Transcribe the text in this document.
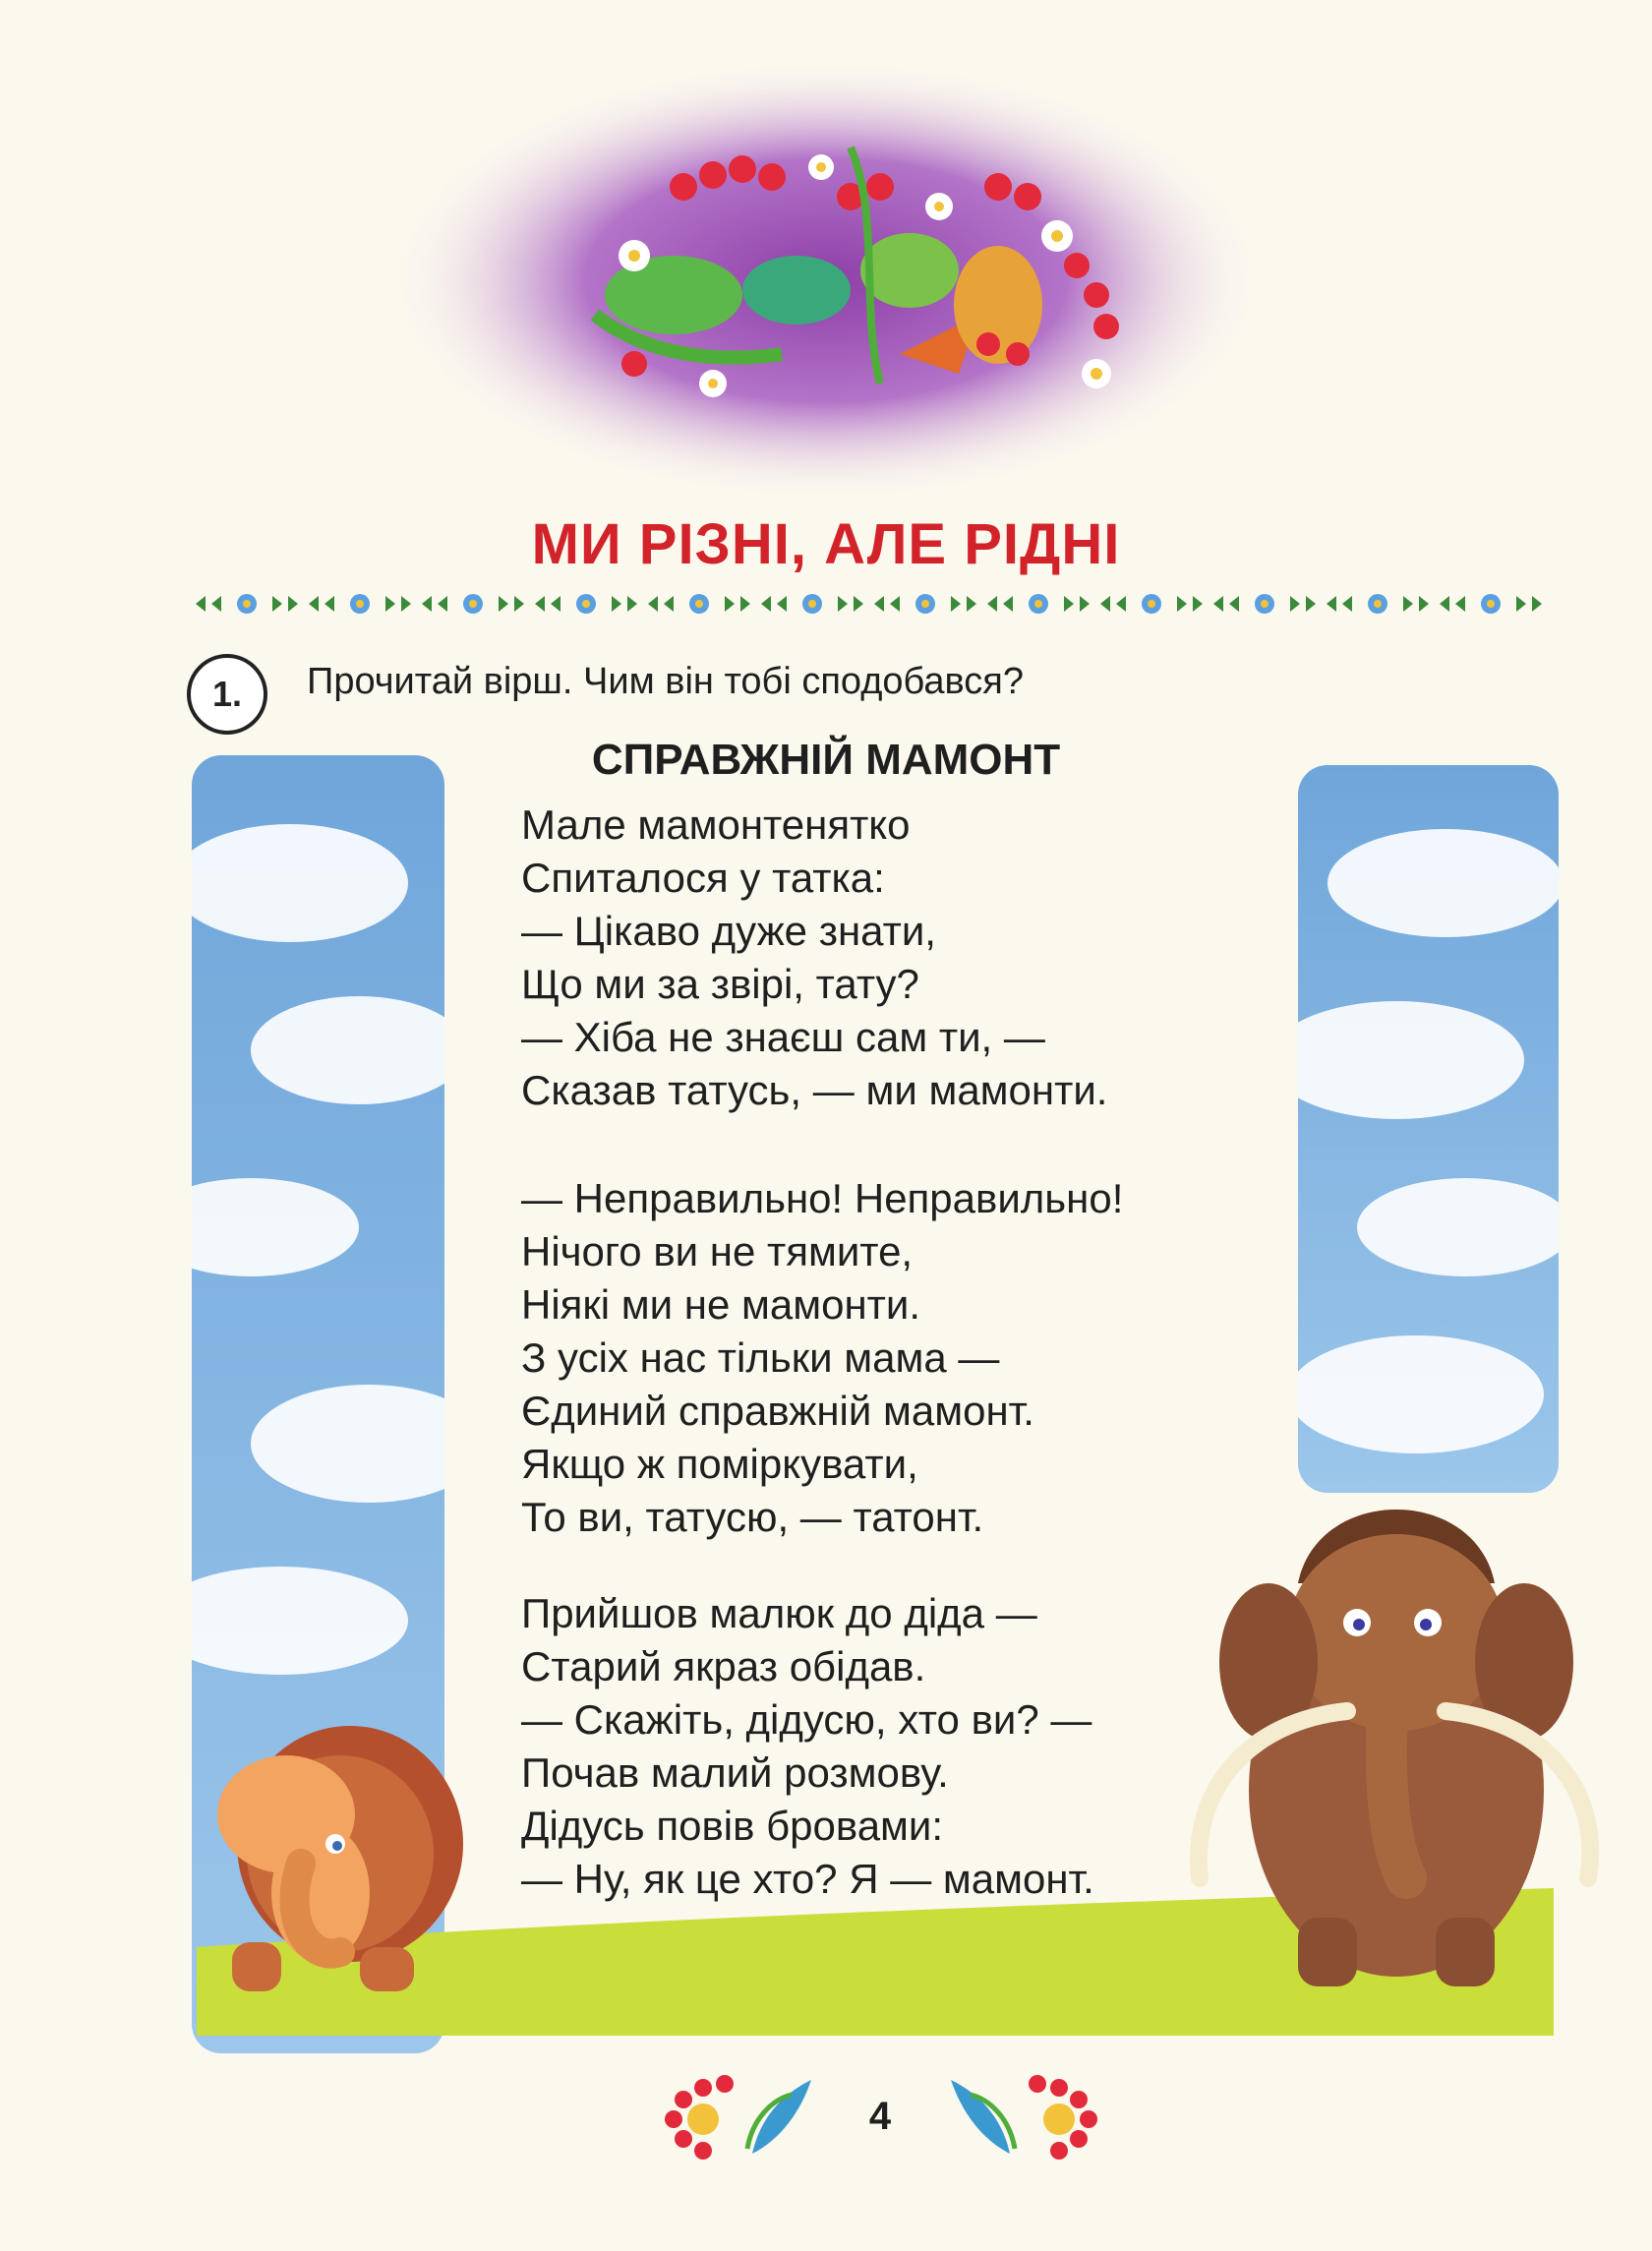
МИ РІЗНІ, АЛЕ РІДНІ
1.	Прочитай вірш. Чим він тобі сподобався?
СПРАВЖНІЙ МАМОНТ
Мале мамонтенятко
Спиталося у татка:
— Цікаво дуже знати,
Що ми за звірі, тату?
— Хіба не знаєш сам ти, —
Сказав татусь, — ми мамонти.
— Неправильно! Неправильно!
Нічого ви не тямите,
Ніякі ми не мамонти.
З усіх нас тільки мама —
Єдиний справжній мамонт.
Якщо ж поміркувати,
То ви, татусю, — татонт.
Прийшов малюк до діда —
Старий якраз обідав.
— Скажіть, дідусю, хто ви? —
Почав малий розмову.
Дідусь повів бровами:
— Ну, як це хто? Я — мамонт.
4
